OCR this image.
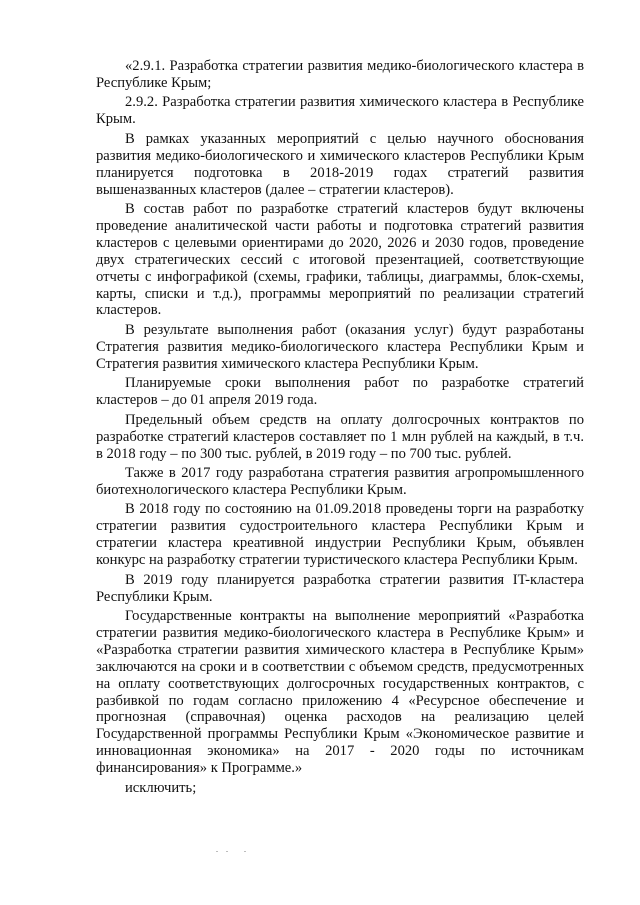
«2.9.1. Разработка стратегии развития медико-биологического кластера в Республике Крым;

2.9.2. Разработка стратегии развития химического кластера в Республике Крым.

В рамках указанных мероприятий с целью научного обоснования развития медико-биологического и химического кластеров Республики Крым планируется подготовка в 2018-2019 годах стратегий развития вышеназванных кластеров (далее – стратегии кластеров).

В состав работ по разработке стратегий кластеров будут включены проведение аналитической части работы и подготовка стратегий развития кластеров с целевыми ориентирами до 2020, 2026 и 2030 годов, проведение двух стратегических сессий с итоговой презентацией, соответствующие отчеты с инфографикой (схемы, графики, таблицы, диаграммы, блок-схемы, карты, списки и т.д.), программы мероприятий по реализации стратегий кластеров.

В результате выполнения работ (оказания услуг) будут разработаны Стратегия развития медико-биологического кластера Республики Крым и Стратегия развития химического кластера Республики Крым.

Планируемые сроки выполнения работ по разработке стратегий кластеров – до 01 апреля 2019 года.

Предельный объем средств на оплату долгосрочных контрактов по разработке стратегий кластеров составляет по 1 млн рублей на каждый, в т.ч. в 2018 году – по 300 тыс. рублей, в 2019 году – по 700 тыс. рублей.

Также в 2017 году разработана стратегия развития агропромышленного биотехнологического кластера Республики Крым.

В 2018 году по состоянию на 01.09.2018 проведены торги на разработку стратегии развития судостроительного кластера Республики Крым и стратегии кластера креативной индустрии Республики Крым, объявлен конкурс на разработку стратегии туристического кластера Республики Крым.

В 2019 году планируется разработка стратегии развития IT-кластера Республики Крым.

Государственные контракты на выполнение мероприятий «Разработка стратегии развития медико-биологического кластера в Республике Крым» и «Разработка стратегии развития химического кластера в Республике Крым» заключаются на сроки и в соответствии с объемом средств, предусмотренных на оплату соответствующих долгосрочных государственных контрактов, с разбивкой по годам согласно приложению 4 «Ресурсное обеспечение и прогнозная (справочная) оценка расходов на реализацию целей Государственной программы Республики Крым «Экономическое развитие и инновационная экономика» на 2017 - 2020 годы по источникам финансирования» к Программе.»

исключить;
